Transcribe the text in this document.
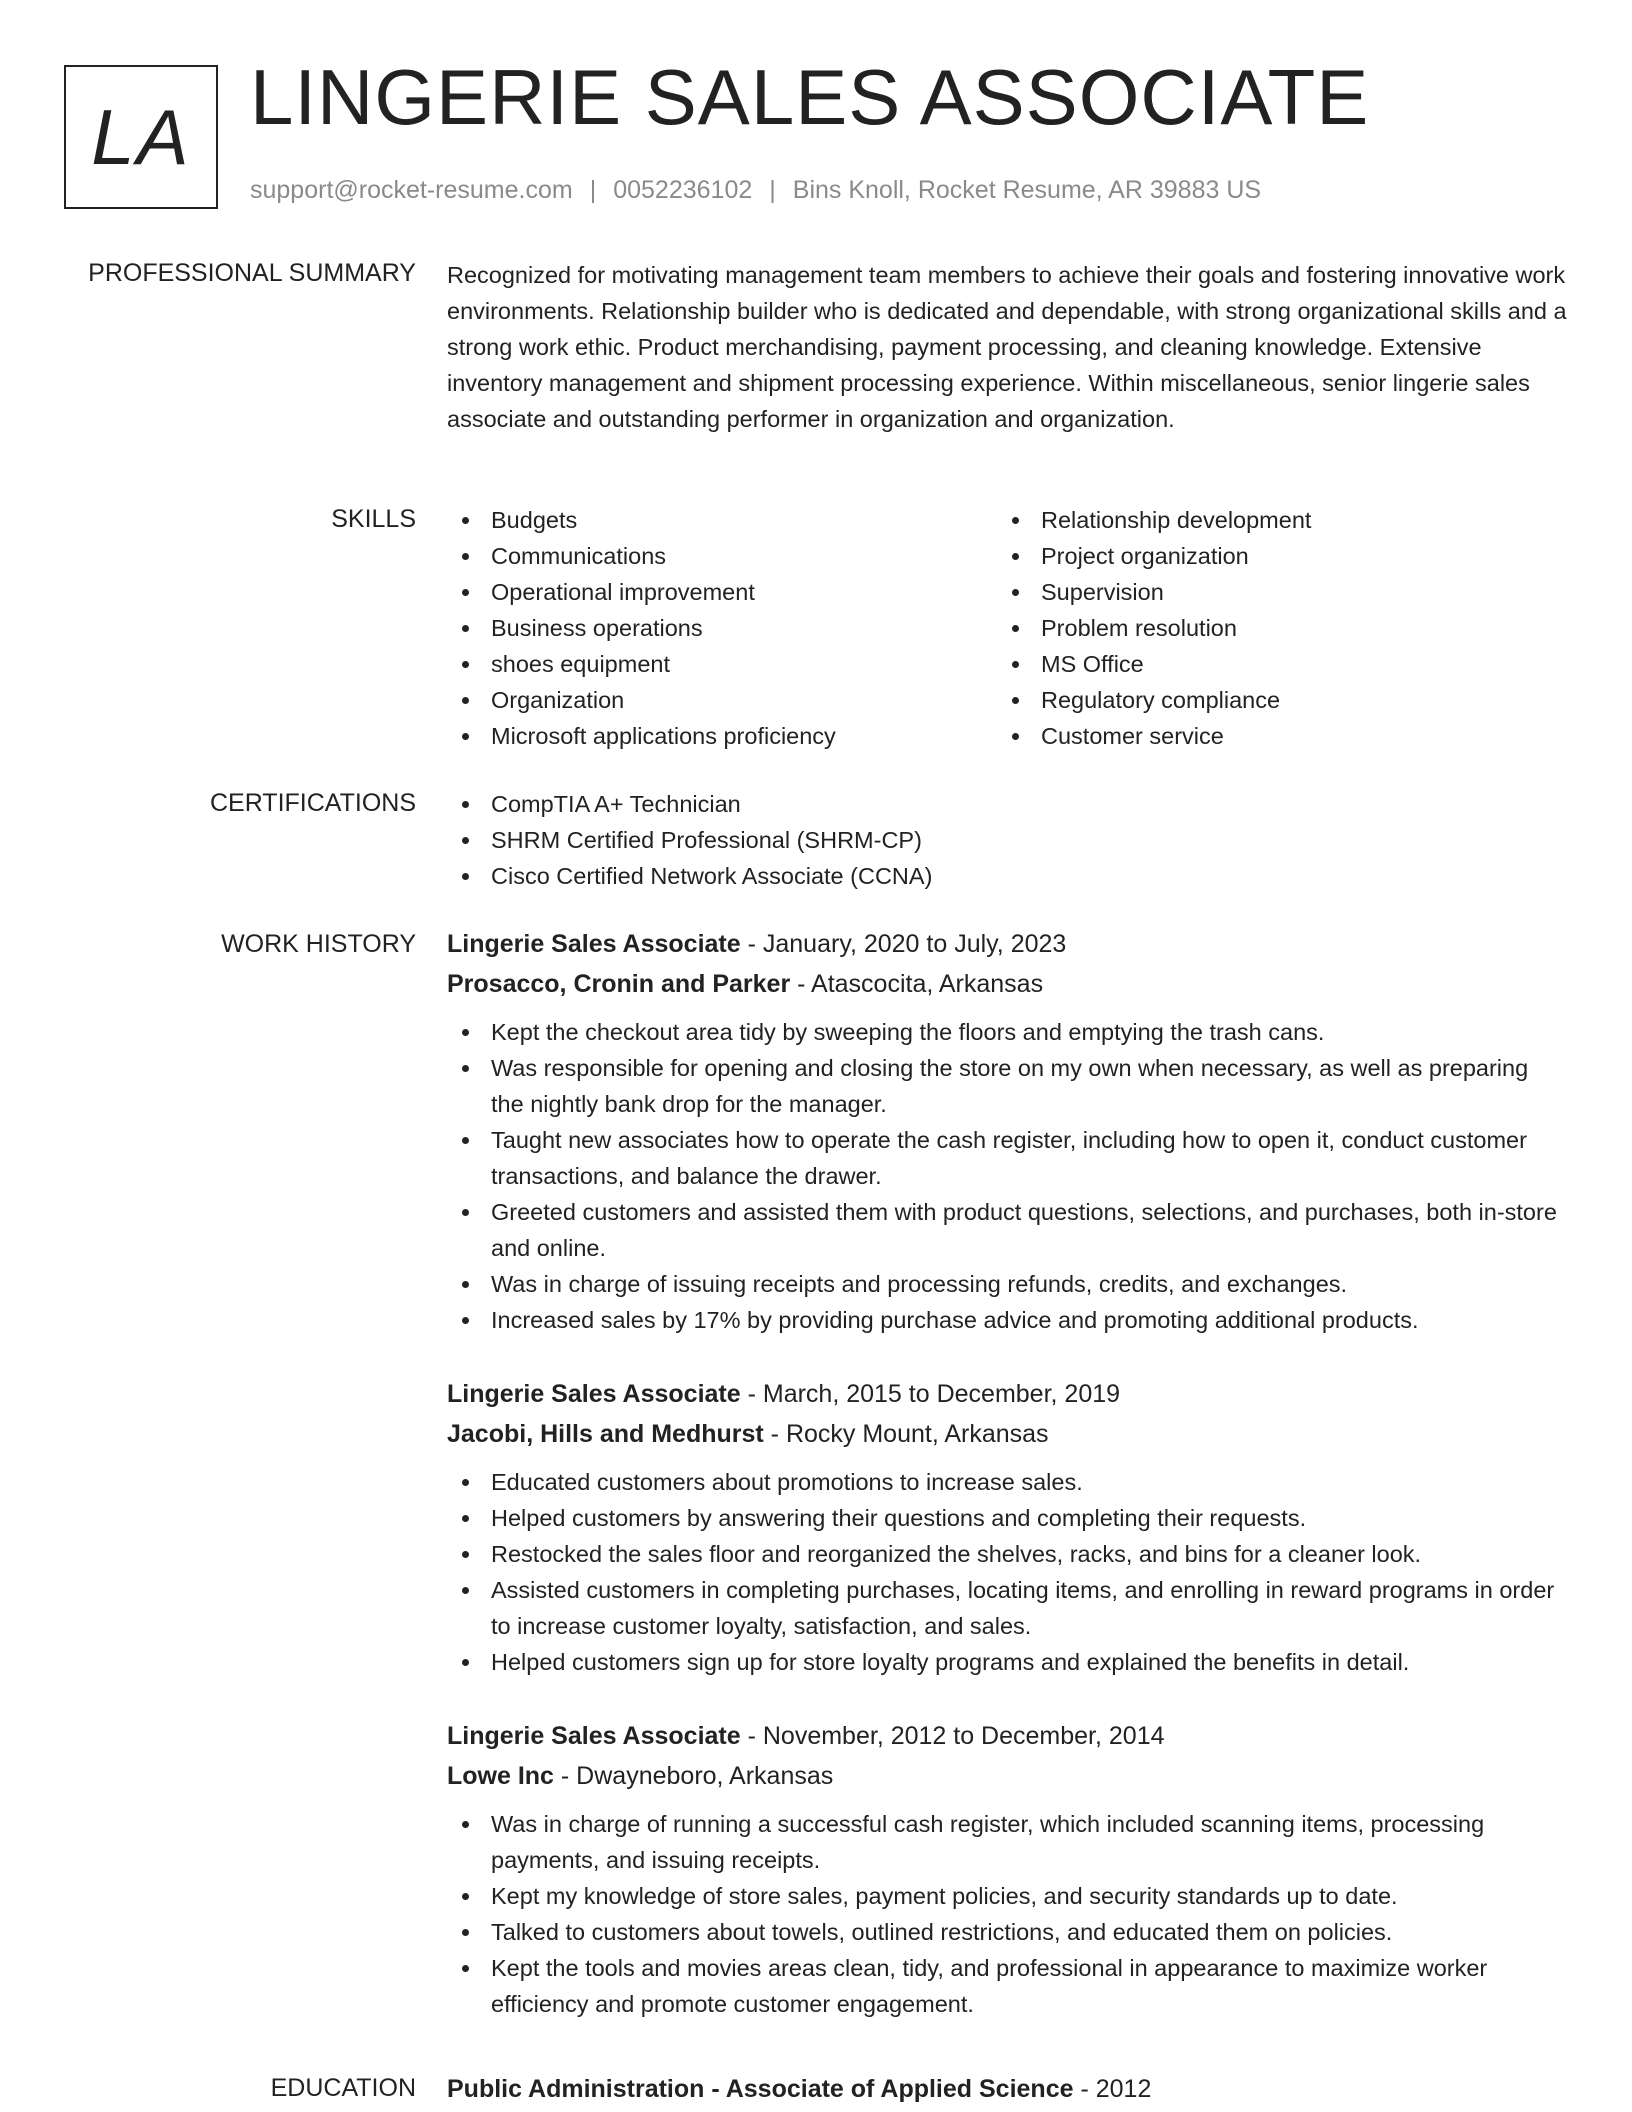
LA LINGERIE SALES ASSOCIATE
support@rocket-resume.com | 0052236102 | Bins Knoll, Rocket Resume, AR 39883 US
PROFESSIONAL SUMMARY Recognized for motivating management team members to achieve their goals and fostering innovative work environments. Relationship builder who is dedicated and dependable, with strong organizational skills and a strong work ethic. Product merchandising, payment processing, and cleaning knowledge. Extensive inventory management and shipment processing experience. Within miscellaneous, senior lingerie sales associate and outstanding performer in organization and organization.
SKILLS	Budgets
Communications
Operational improvement
Business operations
shoes equipment
Organization
Microsoft applications proficiency
Relationship development
Project organization
Supervision
Problem resolution
MS Office
Regulatory compliance
Customer service
CERTIFICATIONS	CompTIA A+ Technician
SHRM Certified Professional (SHRM-CP)
Cisco Certified Network Associate (CCNA)
WORK HISTORY Lingerie Sales Associate - January, 2020 to July, 2023
Prosacco, Cronin and Parker - Atascocita, Arkansas
Kept the checkout area tidy by sweeping the floors and emptying the trash cans.
Was responsible for opening and closing the store on my own when necessary, as well as preparing the nightly bank drop for the manager.
Taught new associates how to operate the cash register, including how to open it, conduct customer transactions, and balance the drawer.
Greeted customers and assisted them with product questions, selections, and purchases, both in-store and online.
Was in charge of issuing receipts and processing refunds, credits, and exchanges.
Increased sales by 17% by providing purchase advice and promoting additional products.
Lingerie Sales Associate - March, 2015 to December, 2019
Jacobi, Hills and Medhurst - Rocky Mount, Arkansas
Educated customers about promotions to increase sales.
Helped customers by answering their questions and completing their requests.
Restocked the sales floor and reorganized the shelves, racks, and bins for a cleaner look.
Assisted customers in completing purchases, locating items, and enrolling in reward programs in order to increase customer loyalty, satisfaction, and sales.
Helped customers sign up for store loyalty programs and explained the benefits in detail.
Lingerie Sales Associate - November, 2012 to December, 2014
Lowe Inc - Dwayneboro, Arkansas
Was in charge of running a successful cash register, which included scanning items, processing payments, and issuing receipts.
Kept my knowledge of store sales, payment policies, and security standards up to date.
Talked to customers about towels, outlined restrictions, and educated them on policies.
Kept the tools and movies areas clean, tidy, and professional in appearance to maximize worker efficiency and promote customer engagement.
EDUCATION Public Administration - Associate of Applied Science - 2012
